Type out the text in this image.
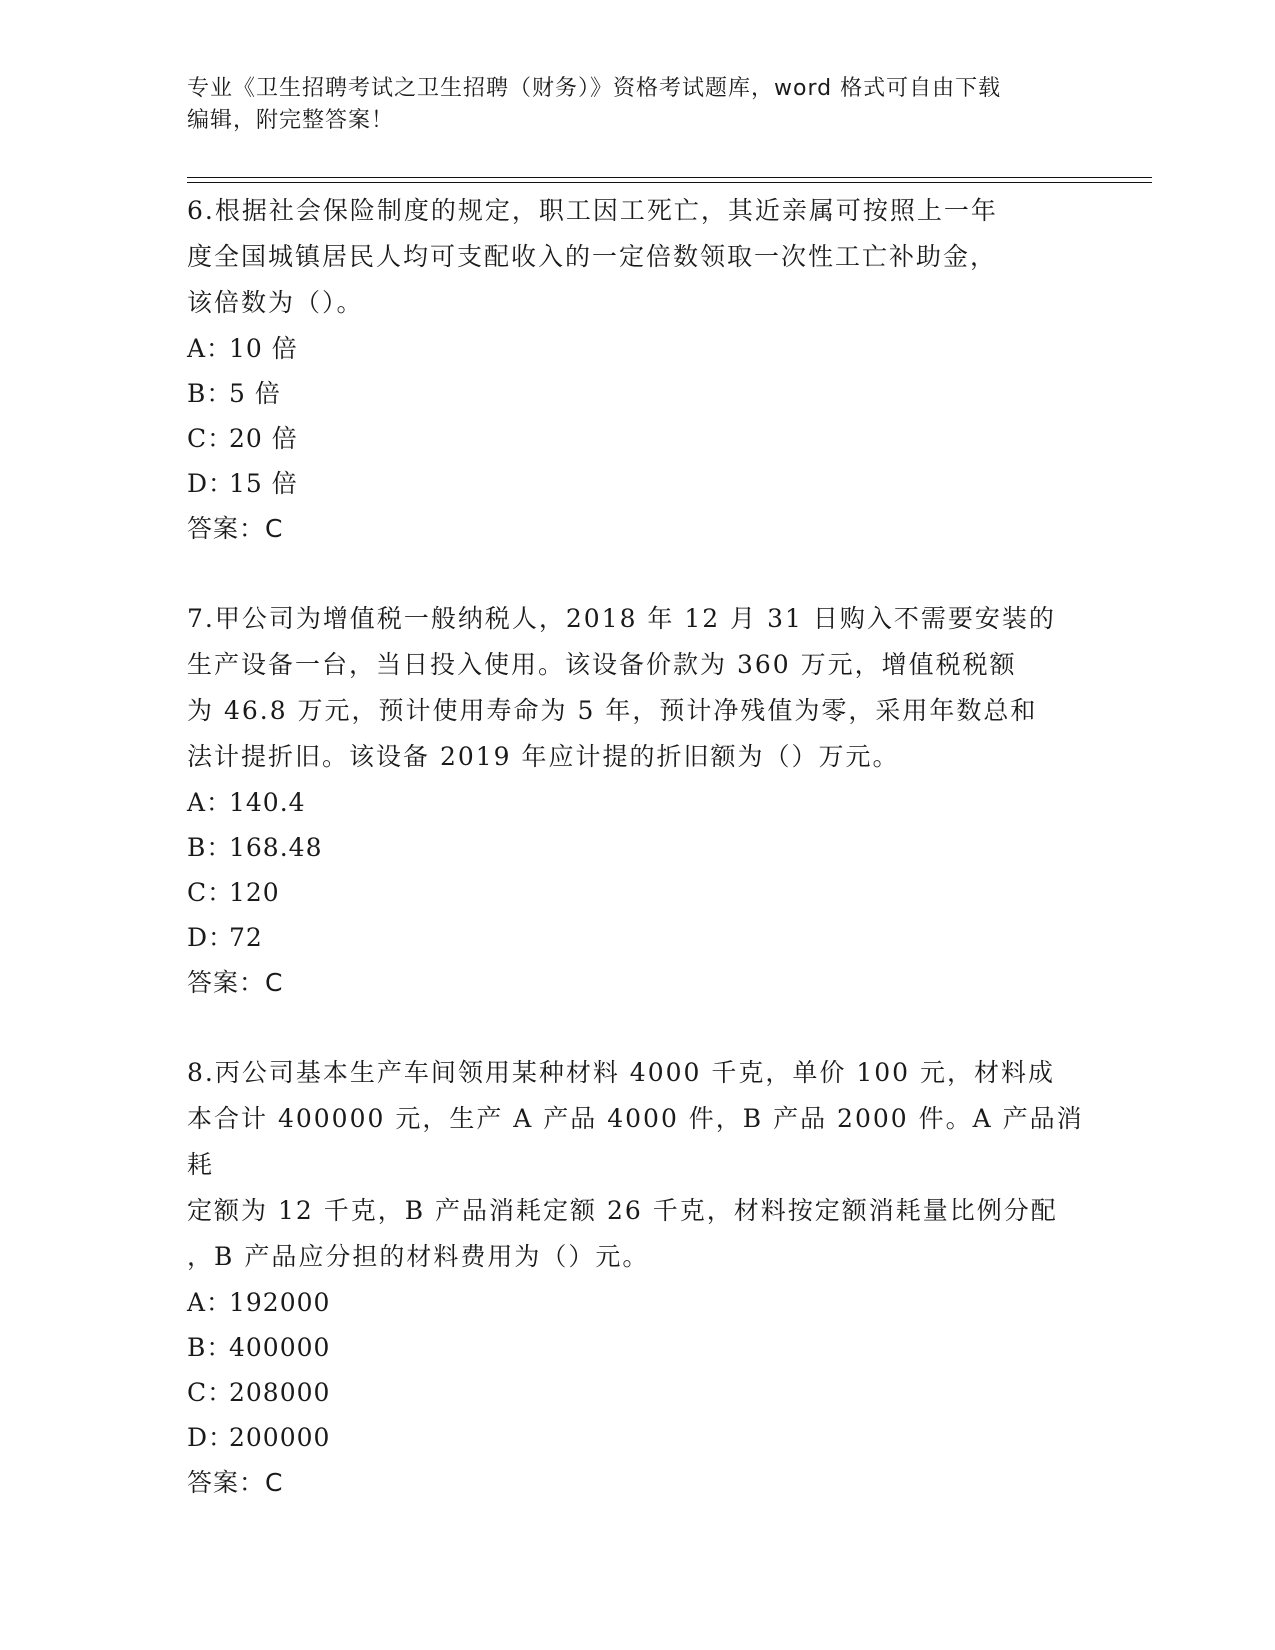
专业《卫生招聘考试之卫生招聘（财务）》资格考试题库，word 格式可自由下载
编辑，附完整答案！
6.根据社会保险制度的规定，职工因工死亡，其近亲属可按照上一年
度全国城镇居民人均可支配收入的一定倍数领取一次性工亡补助金，
该倍数为（）。
A：10 倍
B：5 倍
C：20 倍
D：15 倍
答案：C
7.甲公司为增值税一般纳税人，2018 年 12 月 31 日购入不需要安装的
生产设备一台，当日投入使用。该设备价款为 360 万元，增值税税额
为 46.8 万元，预计使用寿命为 5 年，预计净残值为零，采用年数总和
法计提折旧。该设备 2019 年应计提的折旧额为（）万元。
A：140.4
B：168.48
C：120
D：72
答案：C
8.丙公司基本生产车间领用某种材料 4000 千克，单价 100 元，材料成
本合计 400000 元，生产 A 产品 4000 件，B 产品 2000 件。A 产品消耗
定额为 12 千克，B 产品消耗定额 26 千克，材料按定额消耗量比例分配
，B 产品应分担的材料费用为（）元。
A：192000
B：400000
C：208000
D：200000
答案：C
